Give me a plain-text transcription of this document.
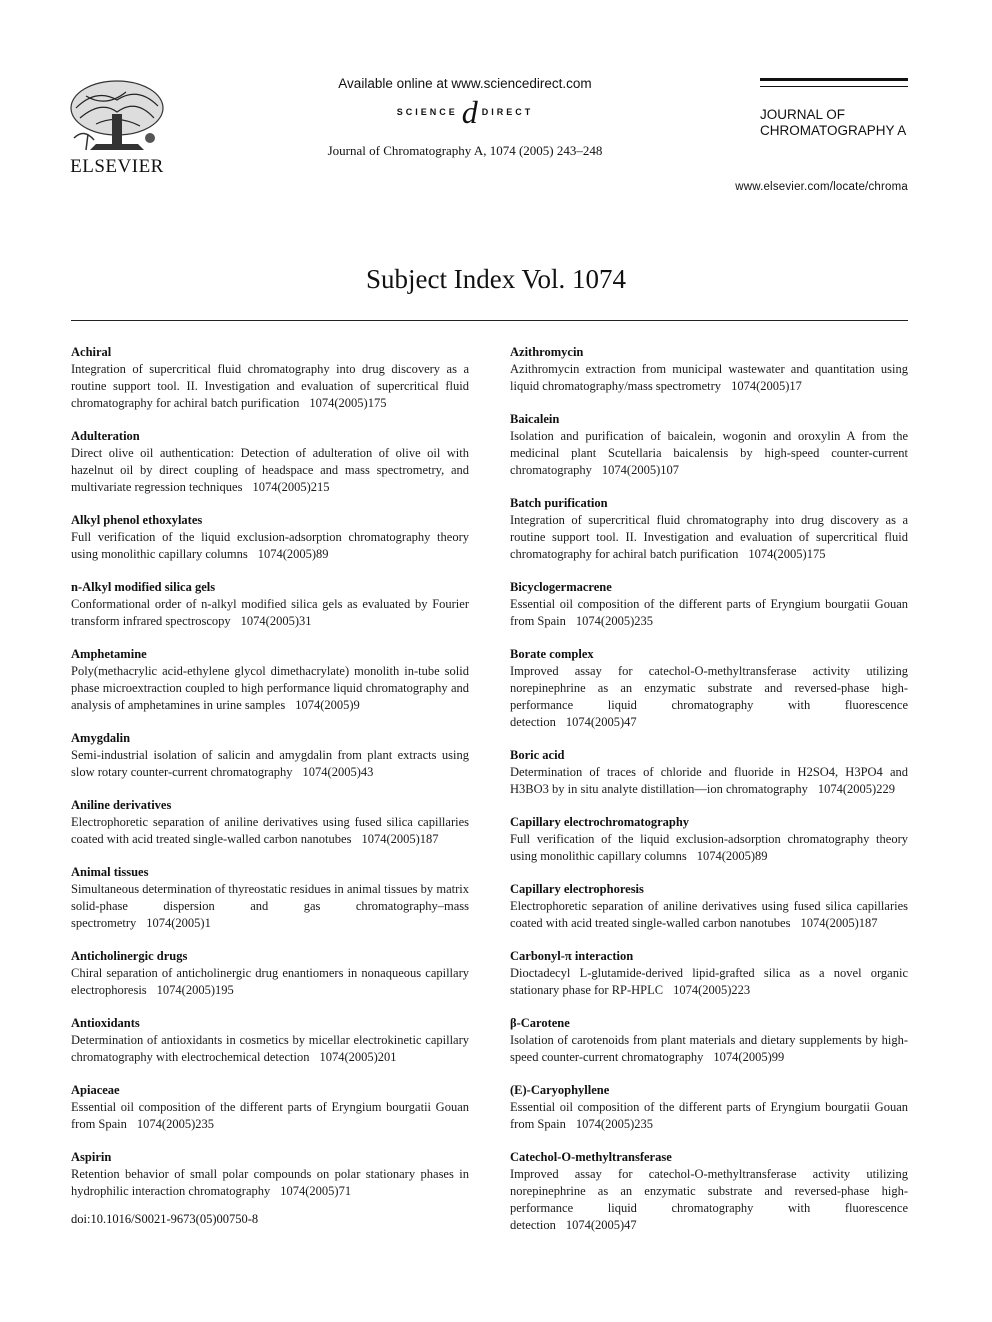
ELSEVIER
Available online at www.sciencedirect.com
SCIENCE d DIRECT
Journal of Chromatography A, 1074 (2005) 243–248
JOURNAL OF
CHROMATOGRAPHY A
www.elsevier.com/locate/chroma
Subject Index Vol. 1074
Achiral
Integration of supercritical fluid chromatography into drug discovery as a routine support tool. II. Investigation and evaluation of supercritical fluid chromatography for achiral batch purification 1074(2005)175
Adulteration
Direct olive oil authentication: Detection of adulteration of olive oil with hazelnut oil by direct coupling of headspace and mass spectrometry, and multivariate regression techniques 1074(2005)215
Alkyl phenol ethoxylates
Full verification of the liquid exclusion-adsorption chromatography theory using monolithic capillary columns 1074(2005)89
n-Alkyl modified silica gels
Conformational order of n-alkyl modified silica gels as evaluated by Fourier transform infrared spectroscopy 1074(2005)31
Amphetamine
Poly(methacrylic acid-ethylene glycol dimethacrylate) monolith in-tube solid phase microextraction coupled to high performance liquid chromatography and analysis of amphetamines in urine samples 1074(2005)9
Amygdalin
Semi-industrial isolation of salicin and amygdalin from plant extracts using slow rotary counter-current chromatography 1074(2005)43
Aniline derivatives
Electrophoretic separation of aniline derivatives using fused silica capillaries coated with acid treated single-walled carbon nanotubes 1074(2005)187
Animal tissues
Simultaneous determination of thyreostatic residues in animal tissues by matrix solid-phase dispersion and gas chromatography–mass spectrometry 1074(2005)1
Anticholinergic drugs
Chiral separation of anticholinergic drug enantiomers in nonaqueous capillary electrophoresis 1074(2005)195
Antioxidants
Determination of antioxidants in cosmetics by micellar electrokinetic capillary chromatography with electrochemical detection 1074(2005)201
Apiaceae
Essential oil composition of the different parts of Eryngium bourgatii Gouan from Spain 1074(2005)235
Aspirin
Retention behavior of small polar compounds on polar stationary phases in hydrophilic interaction chromatography 1074(2005)71
Azithromycin
Azithromycin extraction from municipal wastewater and quantitation using liquid chromatography/mass spectrometry 1074(2005)17
Baicalein
Isolation and purification of baicalein, wogonin and oroxylin A from the medicinal plant Scutellaria baicalensis by high-speed counter-current chromatography 1074(2005)107
Batch purification
Integration of supercritical fluid chromatography into drug discovery as a routine support tool. II. Investigation and evaluation of supercritical fluid chromatography for achiral batch purification 1074(2005)175
Bicyclogermacrene
Essential oil composition of the different parts of Eryngium bourgatii Gouan from Spain 1074(2005)235
Borate complex
Improved assay for catechol-O-methyltransferase activity utilizing norepinephrine as an enzymatic substrate and reversed-phase high-performance liquid chromatography with fluorescence detection 1074(2005)47
Boric acid
Determination of traces of chloride and fluoride in H2SO4, H3PO4 and H3BO3 by in situ analyte distillation—ion chromatography 1074(2005)229
Capillary electrochromatography
Full verification of the liquid exclusion-adsorption chromatography theory using monolithic capillary columns 1074(2005)89
Capillary electrophoresis
Electrophoretic separation of aniline derivatives using fused silica capillaries coated with acid treated single-walled carbon nanotubes 1074(2005)187
Carbonyl-π interaction
Dioctadecyl L-glutamide-derived lipid-grafted silica as a novel organic stationary phase for RP-HPLC 1074(2005)223
β-Carotene
Isolation of carotenoids from plant materials and dietary supplements by high-speed counter-current chromatography 1074(2005)99
(E)-Caryophyllene
Essential oil composition of the different parts of Eryngium bourgatii Gouan from Spain 1074(2005)235
Catechol-O-methyltransferase
Improved assay for catechol-O-methyltransferase activity utilizing norepinephrine as an enzymatic substrate and reversed-phase high-performance liquid chromatography with fluorescence detection 1074(2005)47
doi:10.1016/S0021-9673(05)00750-8
